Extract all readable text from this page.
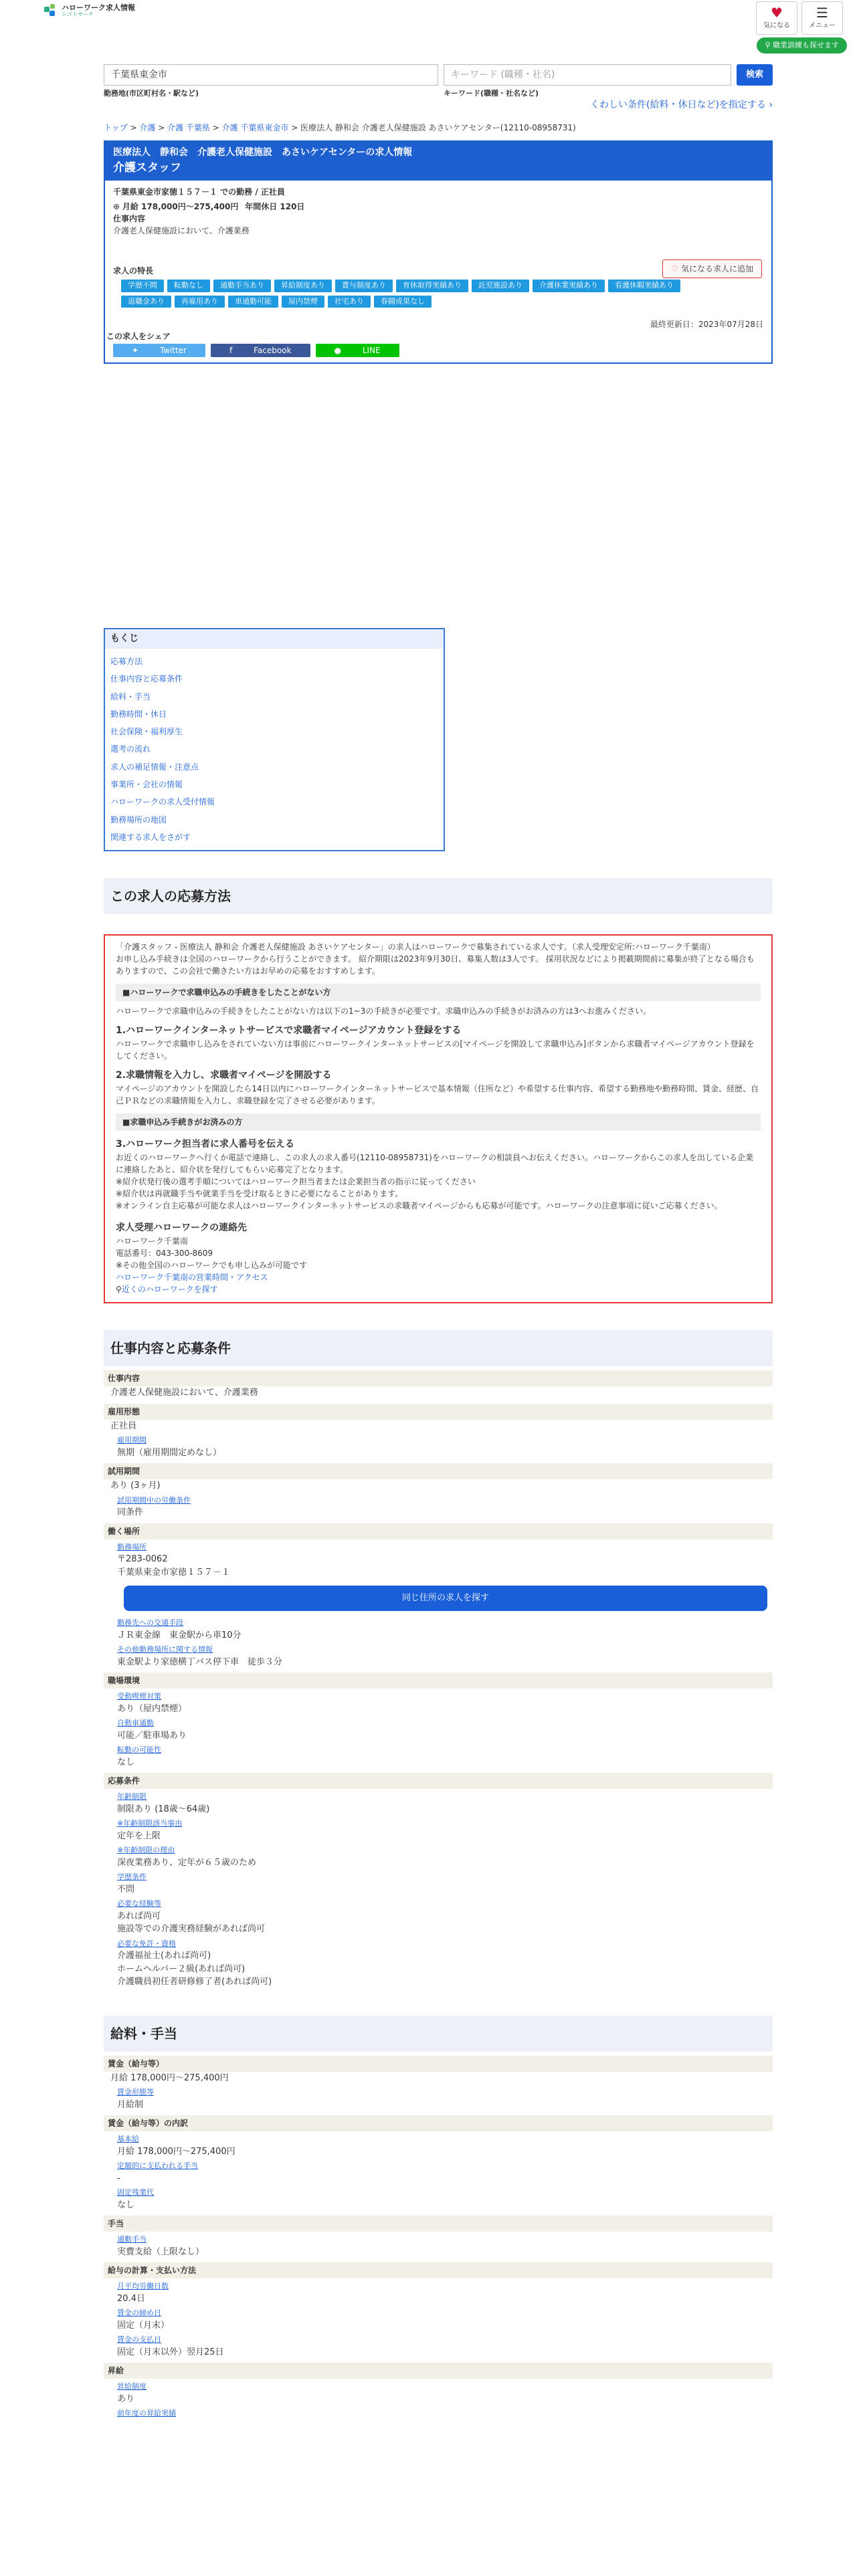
ハローワーク求人情報
シゴトサーチ	♥
気になる
☰
メニュー
⚲ 職業訓練も探せます
千葉県東金市	キーワード (職種・社名)	検索
勤務地(市区町村名・駅など)	キーワード(職種・社名など)
くわしい条件(給料・休日など)を指定する ›
トップ > 介護 > 介護 千葉県 > 介護 千葉県東金市 > 医療法人 静和会 介護老人保健施設 あさいケアセンター(12110-08958731)
医療法人　静和会　介護老人保健施設　あさいケアセンターの求人情報
介護スタッフ
千葉県東金市家徳１５７－１ での勤務 / 正社員
⊕ 月給 178,000円〜275,400円 年間休日 120日
仕事内容
介護老人保健施設において、介護業務
♡ 気になる求人に追加
求人の特長
学歴不問	転勤なし	通勤手当あり	昇給制度あり	賞与制度あり	育休取得実績あり	託児施設あり	介護休業実績あり	看護休暇実績あり
退職金あり	再雇用あり	車通勤可能	屋内禁煙	社宅あり	春闘成果なし
最終更新日：2023年07月28日
この求人をシェア
✦ Twitter	f Facebook	● LINE
もくじ
応募方法
仕事内容と応募条件
給料・手当
勤務時間・休日
社会保険・福利厚生
選考の流れ
求人の補足情報・注意点
事業所・会社の情報
ハローワークの求人受付情報
勤務場所の地図
関連する求人をさがす
この求人の応募方法

「介護スタッフ - 医療法人 静和会 介護老人保健施設 あさいケアセンター」の求人はハローワークで募集されている求人です。（求人受理安定所:ハローワーク千葉南）

お申し込み手続きは全国のハローワークから行うことができます。 紹介期限は2023年9月30日、募集人数は3人です。 採用状況などにより掲載期間前に募集が終了となる場合もありますので、この会社で働きたい方はお早めの応募をおすすめします。

■ハローワークで求職申込みの手続きをしたことがない方

ハローワークで求職申込みの手続きをしたことがない方は以下の1~3の手続きが必要です。求職申込みの手続きがお済みの方は3へお進みください。

1.ハローワークインターネットサービスで求職者マイページアカウント登録をする

ハローワークで求職申し込みをされていない方は事前にハローワークインターネットサービスの[マイページを開設して求職申込み]ボタンから求職者マイページアカウント登録をしてください。

2.求職情報を入力し、求職者マイページを開設する

マイページのアカウントを開設したら14日以内にハローワークインターネットサービスで基本情報（住所など）や希望する仕事内容、希望する勤務地や勤務時間、賃金、経歴、自己ＰＲなどの求職情報を入力し、求職登録を完了させる必要があります。

■求職申込み手続きがお済みの方
3.ハローワーク担当者に求人番号を伝える

お近くのハローワークへ行くか電話で連絡し、この求人の求人番号(12110-08958731)をハローワークの相談員へお伝えください。ハローワークからこの求人を出している企業に連絡したあと、紹介状を発行してもらい応募完了となります。

※紹介状発行後の選考手順についてはハローワーク担当者または企業担当者の指示に従ってください

※紹介状は再就職手当や就業手当を受け取るときに必要になることがあります。

※オンライン自主応募が可能な求人はハローワークインターネットサービスの求職者マイページからも応募が可能です。ハローワークの注意事項に従いご応募ください。

求人受理ハローワークの連絡先

ハローワーク千葉南

電話番号：043-300-8609

※その他全国のハローワークでも申し込みが可能です

ハローワーク千葉南の営業時間・アクセス

⚲近くのハローワークを探す

仕事内容と応募条件
仕事内容
介護老人保健施設において、介護業務
雇用形態
正社員
雇用期間
無期（雇用期間定めなし）
試用期間
あり (3ヶ月)
試用期間中の労働条件
同条件
働く場所
勤務場所
〒283-0062
千葉県東金市家徳１５７－１
同じ住所の求人を探す
勤務先への交通手段
ＪＲ東金線　東金駅から車10分
その他勤務場所に関する情報
東金駅より家徳横丁バス停下車　徒歩３分
職場環境
受動喫煙対策
あり（屋内禁煙）
自動車通勤
可能／駐車場あり
転勤の可能性
なし
応募条件
年齢制限
制限あり (18歳〜64歳)
※年齢制限該当事由
定年を上限
※年齢制限の理由
深夜業務あり、定年が６５歳のため
学歴条件
不問
必要な経験等
あれば尚可
施設等での介護実務経験があれば尚可
必要な免許・資格
介護福祉士(あれば尚可)
ホームヘルパー２級(あれば尚可)
介護職員初任者研修修了者(あれば尚可)
給料・手当
賃金（給与等）
月給 178,000円〜275,400円
賃金形態等
月給制
賃金（給与等）の内訳
基本給
月給 178,000円〜275,400円
定額的に支払われる手当
-
固定残業代
なし
手当
通勤手当
実費支給（上限なし）
給与の計算・支払い方法
月平均労働日数
20.4日
賃金の締め日
固定（月末）
賃金の支払日
固定（月末以外）翌月25日
昇給
昇給制度
あり
前年度の昇給実績
